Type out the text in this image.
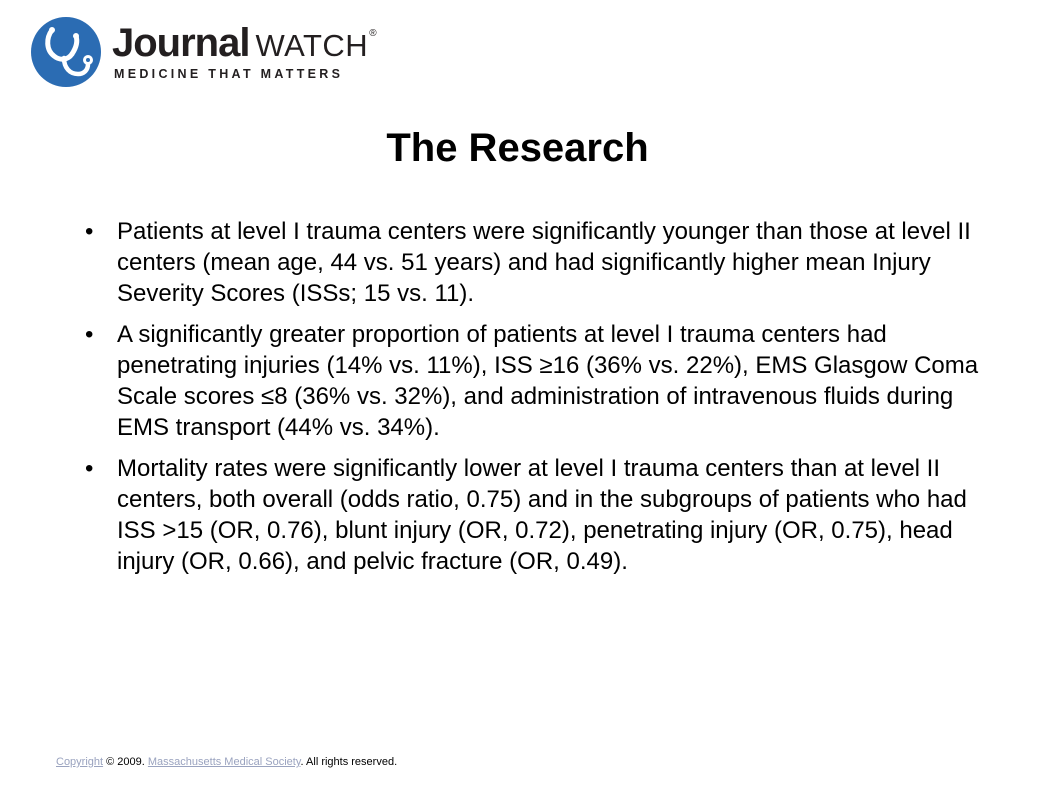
Journal WATCH ®
MEDICINE THAT MATTERS
The Research
• Patients at level I trauma centers were significantly younger than those at level II centers (mean age, 44 vs. 51 years) and had significantly higher mean Injury Severity Scores (ISSs; 15 vs. 11).
• A significantly greater proportion of patients at level I trauma centers had penetrating injuries (14% vs. 11%), ISS ≥16 (36% vs. 22%), EMS Glasgow Coma Scale scores ≤8 (36% vs. 32%), and administration of intravenous fluids during EMS transport (44% vs. 34%).
• Mortality rates were significantly lower at level I trauma centers than at level II centers, both overall (odds ratio, 0.75) and in the subgroups of patients who had ISS >15 (OR, 0.76), blunt injury (OR, 0.72), penetrating injury (OR, 0.75), head injury (OR, 0.66), and pelvic fracture (OR, 0.49).
Copyright © 2009. Massachusetts Medical Society. All rights reserved.
